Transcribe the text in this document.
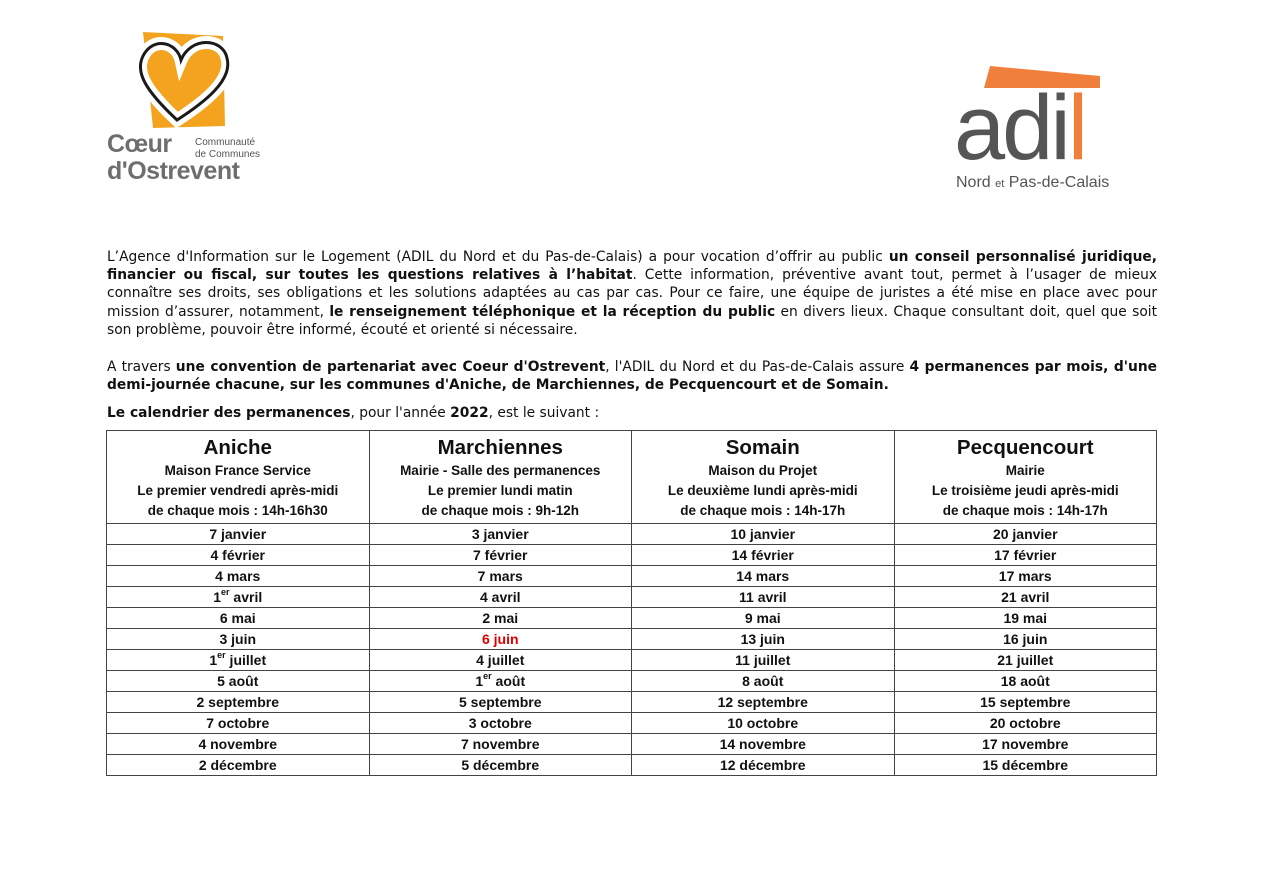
Cœur
d'Ostrevent
Communauté
de Communes	adil
Nord et Pas-de-Calais

L’Agence d'Information sur le Logement (ADIL du Nord et du Pas-de-Calais) a pour vocation d’offrir au public un conseil personnalisé juridique, financier ou fiscal, sur toutes les questions relatives à l’habitat. Cette information, préventive avant tout, permet à l’usager de mieux connaître ses droits, ses obligations et les solutions adaptées au cas par cas. Pour ce faire, une équipe de juristes a été mise en place avec pour mission d’assurer, notamment, le renseignement téléphonique et la réception du public en divers lieux. Chaque consultant doit, quel que soit son problème, pouvoir être informé, écouté et orienté si nécessaire.

A travers une convention de partenariat avec Coeur d'Ostrevent, l'ADIL du Nord et du Pas-de-Calais assure 4 permanences par mois, d'une demi-journée chacune, sur les communes d'Aniche, de Marchiennes, de Pecquencourt et de Somain.

Le calendrier des permanences, pour l'année 2022, est le suivant :

Aniche
Maison France Service
Le premier vendredi après-midi
de chaque mois : 14h-16h30	Marchiennes
Mairie - Salle des permanences
Le premier lundi matin
de chaque mois : 9h-12h	Somain
Maison du Projet
Le deuxième lundi après-midi
de chaque mois : 14h-17h	Pecquencourt
Mairie
Le troisième jeudi après-midi
de chaque mois : 14h-17h

7 janvier	3 janvier	10 janvier	20 janvier
4 février	7 février	14 février	17 février
4 mars	7 mars	14 mars	17 mars
1er avril	4 avril	11 avril	21 avril
6 mai	2 mai	9 mai	19 mai
3 juin	6 juin	13 juin	16 juin
1er juillet	4 juillet	11 juillet	21 juillet
5 août	1er août	8 août	18 août
2 septembre	5 septembre	12 septembre	15 septembre
7 octobre	3 octobre	10 octobre	20 octobre
4 novembre	7 novembre	14 novembre	17 novembre
2 décembre	5 décembre	12 décembre	15 décembre
